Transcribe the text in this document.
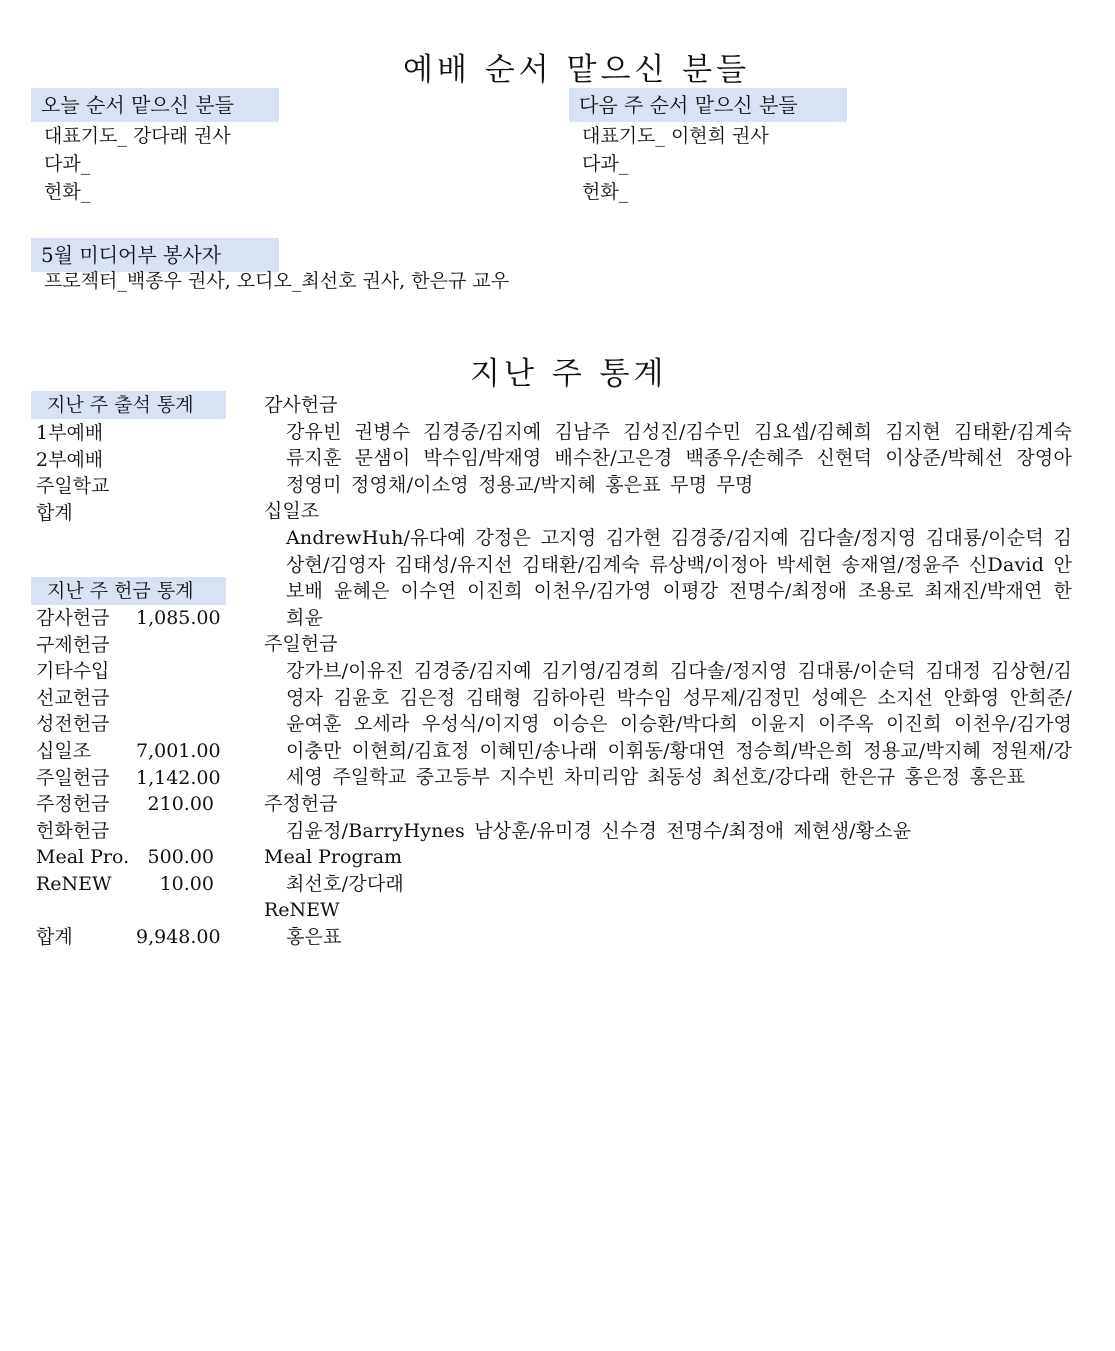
예배 순서 맡으신 분들
오늘 순서 맡으신 분들
대표기도_ 강다래 권사
다과_
헌화_
다음 주 순서 맡으신 분들
대표기도_ 이현희 권사
다과_
헌화_
5월 미디어부 봉사자
프로젝터_백종우 권사, 오디오_최선호 권사, 한은규 교우
지난 주 통계
지난 주 출석 통계
1부예배
2부예배
주일학교
합계
지난 주 헌금 통계
감사헌금	1,085.00
구제헌금
기타수입
선교헌금
성전헌금
십일조	7,001.00
주일헌금	1,142.00
주정헌금	210.00
헌화헌금
Meal Pro. 500.00
ReNEW	10.00
합계	9,948.00
감사헌금
강유빈 권병수 김경중/김지예 김남주 김성진/김수민 김요셉/김혜희 김지현 김태환/김계숙 류지훈 문샘이 박수임/박재영 배수찬/고은경 백종우/손혜주 신현덕 이상준/박혜선 장영아 정영미 정영채/이소영 정용교/박지혜 홍은표 무명 무명
십일조
AndrewHuh/유다예 강정은 고지영 김가현 김경중/김지예 김다솔/정지영 김대룡/이순덕 김상현/김영자 김태성/유지선 김태환/김계숙 류상백/이정아 박세현 송재열/정윤주 신David 안보배 윤혜은 이수연 이진희 이천우/김가영 이평강 전명수/최정애 조용로 최재진/박재연 한희윤
주일헌금
강가브/이유진 김경중/김지예 김기영/김경희 김다솔/정지영 김대룡/이순덕 김대정 김상현/김영자 김윤호 김은정 김태형 김하아린 박수임 성무제/김정민 성예은 소지선 안화영 안희준/윤여훈 오세라 우성식/이지영 이승은 이승환/박다희 이윤지 이주옥 이진희 이천우/김가영 이충만 이현희/김효정 이혜민/송나래 이휘동/황대연 정승희/박은희 정용교/박지혜 정원재/강세영 주일학교 중고등부 지수빈 차미리암 최동성 최선호/강다래 한은규 홍은정 홍은표
주정헌금
김윤정/BarryHynes 남상훈/유미경 신수경 전명수/최정애 제현생/황소윤
Meal Program
최선호/강다래
ReNEW
홍은표
